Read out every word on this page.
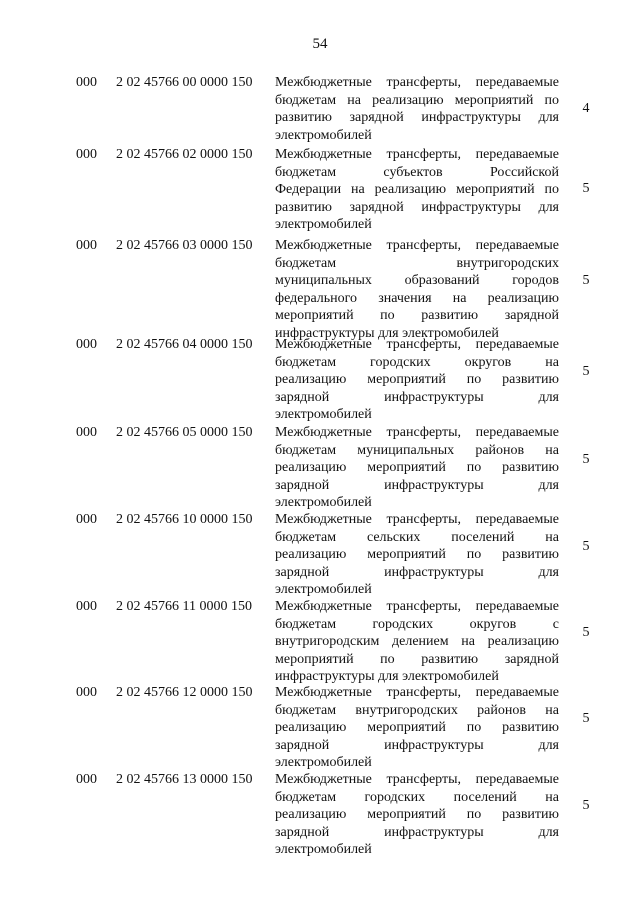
54
000 2 02 45766 00 0000 150 Межбюджетные трансферты, передаваемые
бюджетам на реализацию мероприятий по
развитию зарядной инфраструктуры для
электромобилей
4
000 2 02 45766 02 0000 150 Межбюджетные трансферты, передаваемые
бюджетам субъектов Российской
Федерации на реализацию мероприятий по
развитию зарядной инфраструктуры для
электромобилей
5
000 2 02 45766 03 0000 150 Межбюджетные трансферты, передаваемые
бюджетам внутригородских
муниципальных образований городов
федерального значения на реализацию
мероприятий по развитию зарядной
инфраструктуры для электромобилей
5
000 2 02 45766 04 0000 150 Межбюджетные трансферты, передаваемые
бюджетам городских округов на
реализацию мероприятий по развитию
зарядной инфраструктуры для
электромобилей
5
000 2 02 45766 05 0000 150 Межбюджетные трансферты, передаваемые
бюджетам муниципальных районов на
реализацию мероприятий по развитию
зарядной инфраструктуры для
электромобилей
5
000 2 02 45766 10 0000 150 Межбюджетные трансферты, передаваемые
бюджетам сельских поселений на
реализацию мероприятий по развитию
зарядной инфраструктуры для
электромобилей
5
000 2 02 45766 11 0000 150 Межбюджетные трансферты, передаваемые
бюджетам городских округов с
внутригородским делением на реализацию
мероприятий по развитию зарядной
инфраструктуры для электромобилей
5
000 2 02 45766 12 0000 150 Межбюджетные трансферты, передаваемые
бюджетам внутригородских районов на
реализацию мероприятий по развитию
зарядной инфраструктуры для
электромобилей
5
000 2 02 45766 13 0000 150 Межбюджетные трансферты, передаваемые
бюджетам городских поселений на
реализацию мероприятий по развитию
зарядной инфраструктуры для
электромобилей
5
